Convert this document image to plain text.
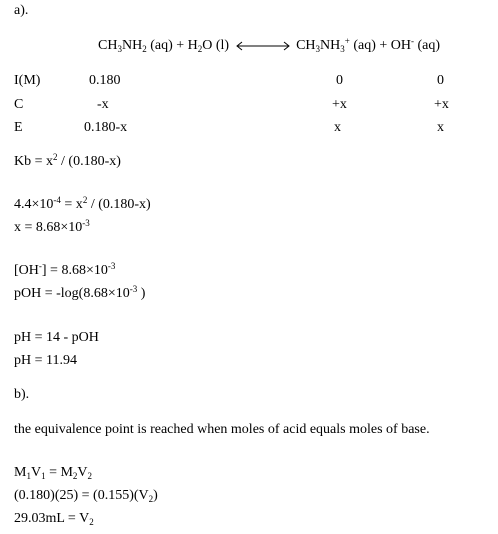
a).
$CH_3NH_2$ $(aq) + H_2O$ (l)	$CH_3NH_3^+$ (aq) + OH- (aq)
I(M)	0.180	0	0
C	-x	+x	+x
E	0.180-x	x	x
$Kb = x^2 / (0.180-x)$
$4.4\times 10^{-4} = x^2 / (0.180-x)$
$x = 8.68\times 10^{-3}$
$[OH^-] = 8.68\times 10^{-3}$
pOH = $-\log(8.68\times 10^{-3}$ )
pH = 14 - pOH
pH = 11.94
b).
the equivalence point is reached when moles of acid equals moles of base.
$M_1V_1 = M_2V_2$
$(0.180)(25) = (0.155)(V_2)$
$29.03mL = V_2$
